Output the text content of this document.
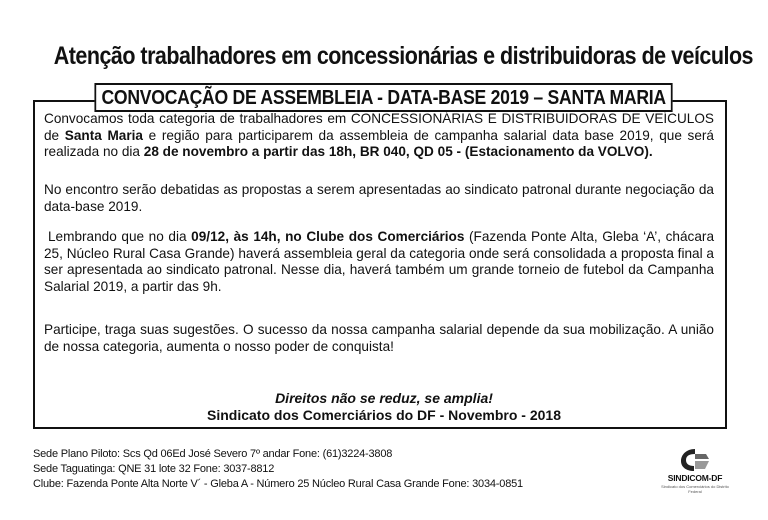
Atenção trabalhadores em concessionárias e distribuidoras de veículos
CONVOCAÇÃO DE ASSEMBLEIA - DATA-BASE 2019 – SANTA MARIA
Convocamos toda categoria de trabalhadores em CONCESSIONÁRIAS E DISTRIBUIDORAS DE VEÍCULOS de Santa Maria e região para participarem da assembleia de campanha salarial data base 2019, que será realizada no dia 28 de novembro a partir das 18h, BR 040, QD 05 - (Estacionamento da VOLVO).
No encontro serão debatidas as propostas a serem apresentadas ao sindicato patronal durante negociação da data-base 2019.
Lembrando que no dia 09/12, às 14h, no Clube dos Comerciários (Fazenda Ponte Alta, Gleba ‘A’, chácara 25, Núcleo Rural Casa Grande) haverá assembleia geral da categoria onde será consolidada a proposta final a ser apresentada ao sindicato patronal. Nesse dia, haverá também um grande torneio de futebol da Campanha Salarial 2019, a partir das 9h.
Participe, traga suas sugestões. O sucesso da nossa campanha salarial depende da sua mobilização. A união de nossa categoria, aumenta o nosso poder de conquista!
Direitos não se reduz, se amplia!
Sindicato dos Comerciários do DF - Novembro - 2018
Sede Plano Piloto: Scs Qd 06Ed José Severo 7º andar Fone: (61)3224-3808
Sede Taguatinga: QNE 31 lote 32 Fone: 3037-8812
Clube: Fazenda Ponte Alta Norte V´ - Gleba A - Número 25 Núcleo Rural Casa Grande Fone: 3034-0851	SINDICOM-DF
Sindicato dos Comerciários do Distrito Federal
